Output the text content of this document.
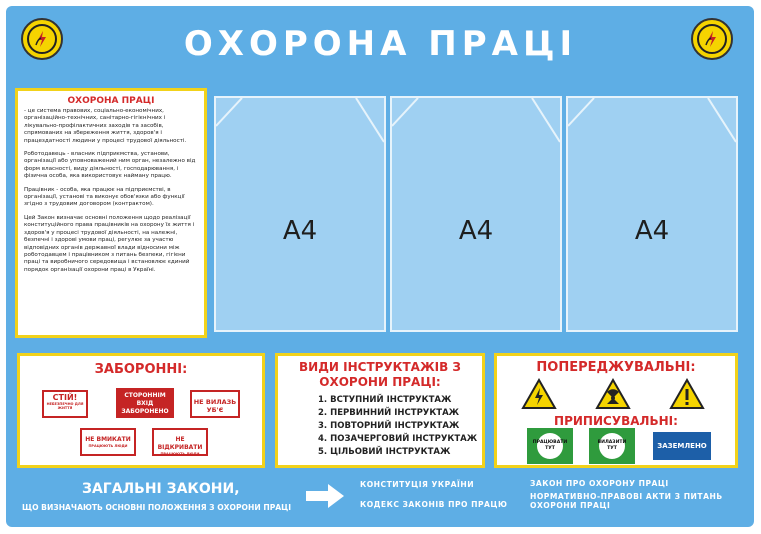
ОХОРОНА ПРАЦІ
ОХОРОНА ПРАЦІ

- це система правових, соціально-економічних, організаційно-технічних, санітарно-гігієнічних і лікувально-профілактичних заходів та засобів, спрямованих на збереження життя, здоров'я і працездатності людини у процесі трудової діяльності.

Роботодавець - власник підприємства, установи, організації або уповноважений ним орган, незалежно від форм власності, виду діяльності, господарювання, і фізична особа, яка використовує найману працю.

Працівник - особа, яка працює на підприємстві, в організації, установі та виконує обов'язки або функції згідно з трудовим договором (контрактом).

Цей Закон визначає основні положення щодо реалізації конституційного права працівників на охорону їх життя і здоров'я у процесі трудової діяльності, на належні, безпечні і здорові умови праці, регулює за участю відповідних органів державної влади відносини між роботодавцем і працівником з питань безпеки, гігієни праці та виробничого середовища і встановлює єдиний порядок організації охорони праці в Україні.

A4	A4	A4
ЗАБОРОННІ:
СТІЙ!
НЕБЕЗПЕЧНО ДЛЯ ЖИТТЯ
СТОРОННІМ ВХІД ЗАБОРОНЕНО
НЕ ВИЛАЗЬ УБ'Є
НЕ ВМИКАТИ
ПРАЦЮЮТЬ ЛЮДИ
НЕ ВІДКРИВАТИ
ПРАЦЮЮТЬ ЛЮДИ
ВИДИ ІНСТРУКТАЖІВ З ОХОРОНИ ПРАЦІ:
1. ВСТУПНИЙ ІНСТРУКТАЖ
2. ПЕРВИННИЙ ІНСТРУКТАЖ
3. ПОВТОРНИЙ ІНСТРУКТАЖ
4. ПОЗАЧЕРГОВИЙ ІНСТРУКТАЖ
5. ЦІЛЬОВИЙ ІНСТРУКТАЖ
ПОПЕРЕДЖУВАЛЬНІ:
ПРИПИСУВАЛЬНІ:
ПРАЦЮВАТИ ТУТ
ВИЛАЗИТИ ТУТ	ЗАЗЕМЛЕНО
ЗАГАЛЬНІ ЗАКОНИ,
ЩО ВИЗНАЧАЮТЬ ОСНОВНІ ПОЛОЖЕННЯ З ОХОРОНИ ПРАЦІ
КОНСТИТУЦІЯ УКРАЇНИ
КОДЕКС ЗАКОНІВ ПРО ПРАЦЮ
ЗАКОН ПРО ОХОРОНУ ПРАЦІ
НОРМАТИВНО-ПРАВОВІ АКТИ З ПИТАНЬ ОХОРОНИ ПРАЦІ
